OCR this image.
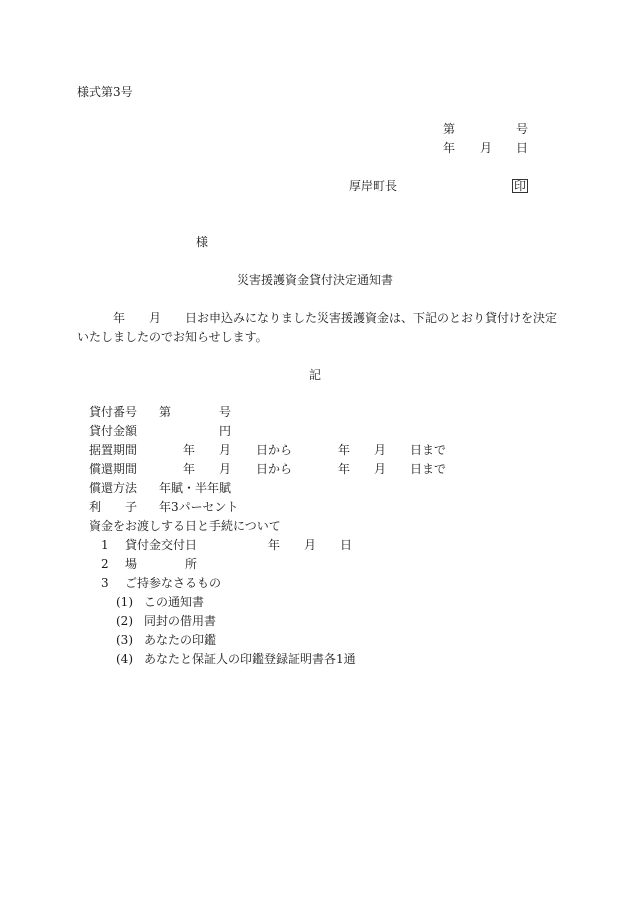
様式第3号
第	号
年 月 日
厚岸町長	印
様
災害援護資金貸付決定通知書
年 月 日お申込みになりました災害援護資金は、下記のとおり貸付けを決定
いたしましたのでお知らせします。
記
貸付番号 第	号
貸付金額	円
据置期間	年 月 日から	年 月 日まで
償還期間	年 月 日から	年 月 日まで
償還方法 年賦・半年賦
利　　子 年3パーセント
資金をお渡しする日と手続について
1 貸付金交付日	年 月 日
2 場　　　　所
3 ご持参なさるもの
(1) この通知書
(2) 同封の借用書
(3) あなたの印鑑
(4) あなたと保証人の印鑑登録証明書各1通
